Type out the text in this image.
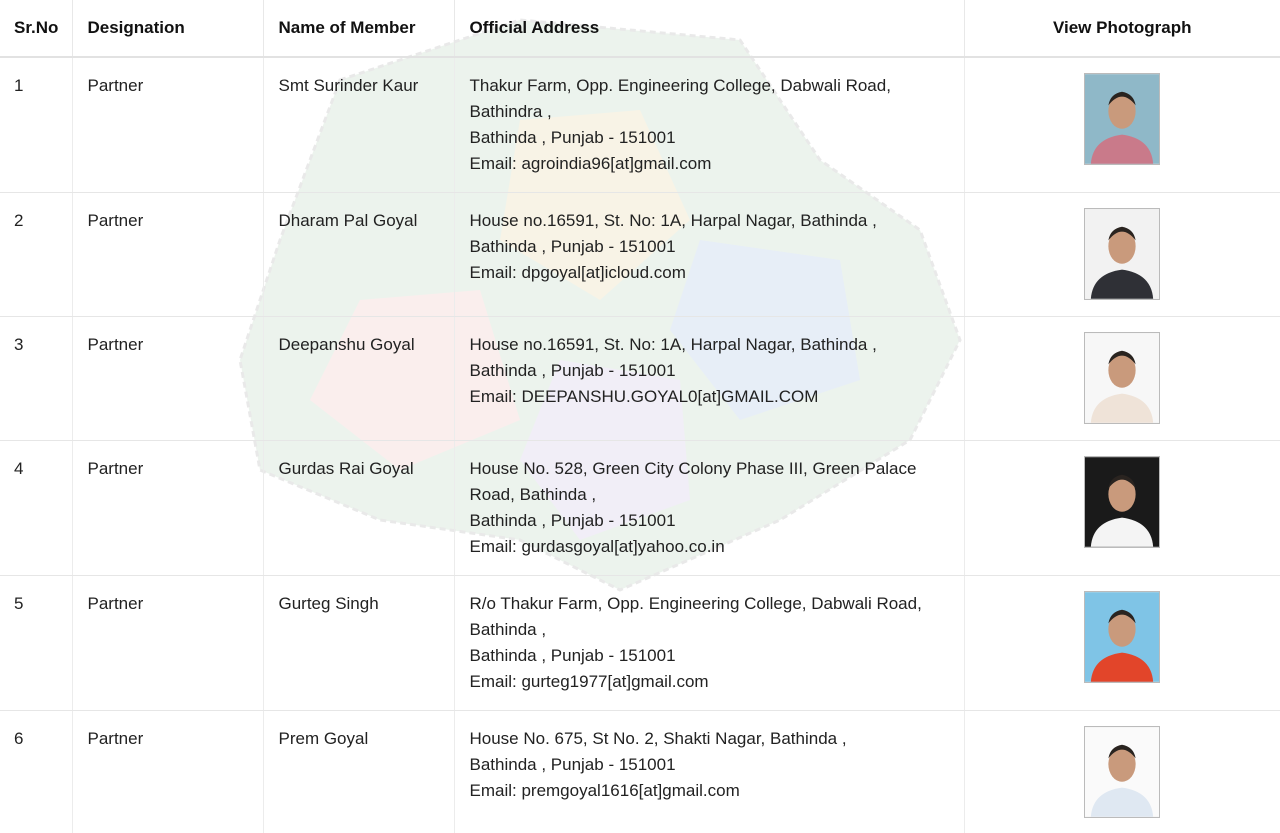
Sr.No	Designation	Name of Member	Official Address	View Photograph
1	Partner	Smt Surinder Kaur	Thakur Farm, Opp. Engineering College, Dabwali Road,
Bathindra ,
Bathinda , Punjab - 151001
Email: agroindia96[at]gmail.com

2	Partner	Dharam Pal Goyal	House no.16591, St. No: 1A, Harpal Nagar, Bathinda ,
Bathinda , Punjab - 151001
Email: dpgoyal[at]icloud.com

3	Partner	Deepanshu Goyal	House no.16591, St. No: 1A, Harpal Nagar, Bathinda ,
Bathinda , Punjab - 151001
Email: DEEPANSHU.GOYAL0[at]GMAIL.COM

4	Partner	Gurdas Rai Goyal	House No. 528, Green City Colony Phase III, Green Palace
Road, Bathinda ,
Bathinda , Punjab - 151001
Email: gurdasgoyal[at]yahoo.co.in

5	Partner	Gurteg Singh	R/o Thakur Farm, Opp. Engineering College, Dabwali Road,
Bathinda ,
Bathinda , Punjab - 151001
Email: gurteg1977[at]gmail.com

6	Partner	Prem Goyal	House No. 675, St No. 2, Shakti Nagar, Bathinda ,
Bathinda , Punjab - 151001
Email: premgoyal1616[at]gmail.com
